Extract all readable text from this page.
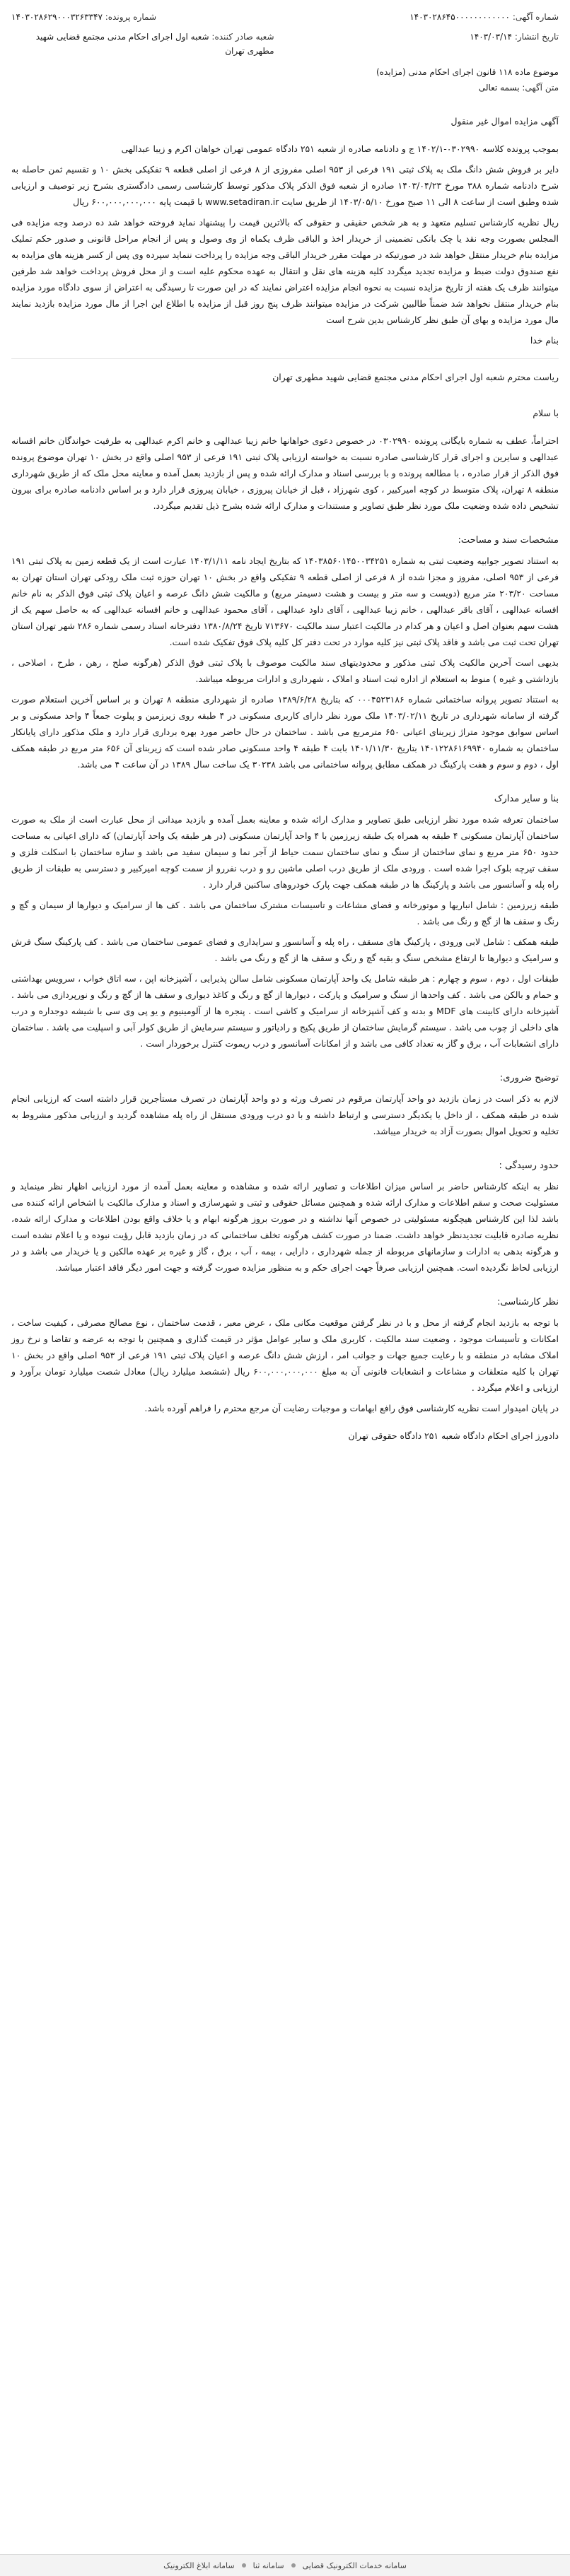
شماره آگهی: ۱۴۰۳۰۲۸۶۴۵۰۰۰۰۰۰۰۰۰۰۰۰
شماره پرونده: ۱۴۰۳۰۲۸۶۲۹۰۰۰۳۲۶۳۳۴۷
تاریخ انتشار: ۱۴۰۳/۰۳/۱۴
شعبه صادر کننده: شعبه اول اجرای احکام مدنی مجتمع قضایی شهید مطهری تهران
موضوع ماده ۱۱۸ قانون اجرای احکام مدنی (مزایده)
متن آگهی: بسمه تعالی

آگهی مزایده اموال غیر منقول

بموجب پرونده کلاسه ۰۳۰۲۹۹۰-۱۴۰۲/۱ ج و دادنامه صادره از شعبه ۲۵۱ دادگاه عمومی تهران خواهان اکرم و زیبا عبدالهی

دایر بر فروش شش دانگ ملک به پلاک ثبتی ۱۹۱ فرعی از ۹۵۳ اصلی مفروزی از ۸ فرعی از اصلی قطعه ۹ تفکیکی بخش ۱۰ و تقسیم ثمن حاصله به شرح دادنامه شماره ۳۸۸ مورخ ۱۴۰۳/۰۴/۲۳ صادره از شعبه فوق الذکر پلاک مذکور توسط کارشناسی رسمی دادگستری بشرح زیر توصیف و ارزیابی شده وطبق است از ساعت ۸ الی ۱۱ صبح مورخ ۱۴۰۳/۰۵/۱۰ از طریق سایت www.setadiran.ir با قیمت پایه ۶۰۰,۰۰۰,۰۰۰,۰۰۰ ریال

ریال نظریه کارشناس تسلیم متعهد و به هر شخص حقیقی و حقوقی که بالاترین قیمت را پیشنهاد نماید فروخته خواهد شد ده درصد وجه مزایده فی المجلس بصورت وجه نقد یا چک بانکی تضمینی از خریدار اخذ و الباقی ظرف یکماه از وی وصول و پس از انجام مراحل قانونی و صدور حکم تملیک مزایده بنام خریدار منتقل خواهد شد در صورتیکه در مهلت مقرر خریدار الباقی وجه مزایده را پرداخت ننماید سپرده وی پس از کسر هزینه های مزایده به نفع صندوق دولت ضبط و مزایده تجدید میگردد کلیه هزینه های نقل و انتقال به عهده محکوم علیه است و از محل فروش پرداخت خواهد شد طرفین میتوانند ظرف یک هفته از تاریخ مزایده نسبت به نحوه انجام مزایده اعتراض نمایند که در این صورت تا رسیدگی به اعتراض از سوی دادگاه مورد مزایده بنام خریدار منتقل نخواهد شد ضمناً طالبین شرکت در مزایده میتوانند ظرف پنج روز قبل از مزایده با اطلاع این اجرا از مال مورد مزایده بازدید نمایند مال مورد مزایده و بهای آن طبق نظر کارشناس بدین شرح است

بنام خدا

ریاست محترم شعبه اول اجرای احکام مدنی مجتمع قضایی شهید مطهری تهران

با سلام

احتراماً، عطف به شماره بایگانی پرونده ۰۳۰۲۹۹۰ در خصوص دعوی خواهانها خانم زیبا عبدالهی و خانم اکرم عبدالهی به طرفیت خواندگان خانم افسانه عبدالهی و سایرین و اجرای قرار کارشناسی صادره نسبت به خواسته ارزیابی پلاک ثبتی ۱۹۱ فرعی از ۹۵۳ اصلی واقع در بخش ۱۰ تهران موضوع پرونده فوق الذکر از قرار صادره ، با مطالعه پرونده و با بررسی اسناد و مدارک ارائه شده و پس از بازدید بعمل آمده و معاینه محل ملک که از طریق شهرداری منطقه ۸ تهران، پلاک متوسط در کوچه امیرکبیر ، کوی شهرزاد ، قبل از خیابان پیروزی ، خیابان پیروزی قرار دارد و بر اساس دادنامه صادره برای بیرون تشخیص داده شده وضعیت ملک مورد نظر طبق تصاویر و مستندات و مدارک ارائه شده بشرح ذیل تقدیم میگردد.

مشخصات سند و مساحت:

به استناد تصویر جوابیه وضعیت ثبتی به شماره ۱۴۰۳۸۵۶۰۱۴۵۰۰۳۴۲۵۱ که بتاریخ ایجاد نامه ۱۴۰۳/۱/۱۱ عبارت است از یک قطعه زمین به پلاک ثبتی ۱۹۱ فرعی از ۹۵۳ اصلی، مفروز و مجزا شده از ۸ فرعی از اصلی قطعه ۹ تفکیکی واقع در بخش ۱۰ تهران حوزه ثبت ملک رودکی تهران استان تهران به مساحت ۲۰۳/۲۰ متر مربع (دویست و سه متر و بیست و هشت دسیمتر مربع) و مالکیت شش دانگ عرصه و اعیان پلاک ثبتی فوق الذکر به نام خانم افسانه عبدالهی ، آقای باقر عبدالهی ، خانم زیبا عبدالهی ، آقای داود عبدالهی ، آقای محمود عبدالهی و خانم افسانه عبدالهی که به حاصل سهم یک از هشت سهم بعنوان اصل و اعیان و هر کدام در مالکیت اعتبار سند مالکیت ۷۱۳۶۷۰ تاریخ ۱۳۸۰/۸/۲۴ دفترخانه اسناد رسمی شماره ۲۸۶ شهر تهران استان تهران تحت ثبت می باشد و فاقد پلاک ثبتی نیز کلیه موارد در تحت دفتر کل کلیه پلاک فوق تفکیک شده است.

بدیهی است آخرین مالکیت پلاک ثبتی مذکور و محدودیتهای سند مالکیت موصوف با پلاک ثبتی فوق الذکر (هرگونه صلح ، رهن ، طرح ، اصلاحی ، بازداشتی و غیره ) منوط به استعلام از اداره ثبت اسناد و املاک ، شهرداری و ادارات مربوطه میباشد.

به استناد تصویر پروانه ساختمانی شماره ۰۰۰۴۵۲۳۱۸۶ که بتاریخ ۱۳۸۹/۶/۲۸ صادره از شهرداری منطقه ۸ تهران و بر اساس آخرین استعلام صورت گرفته از سامانه شهرداری در تاریخ ۱۴۰۳/۰۲/۱۱ ملک مورد نظر دارای کاربری مسکونی در ۴ طبقه روی زیرزمین و پیلوت جمعاً ۴ واحد مسکونی و بر اساس سوابق موجود متراژ زیربنای اعیانی ۶۵۰ مترمربع می باشد . ساختمان در حال حاضر مورد بهره برداری قرار دارد و ملک مذکور دارای پایانکار ساختمان به شماره ۱۴۰۱۲۲۸۶۱۶۹۹۴۰ بتاریخ ۱۴۰۱/۱۱/۳۰ بابت ۴ طبقه ۴ واحد مسکونی صادر شده است که زیربنای آن ۶۵۶ متر مربع در طبقه همکف اول ، دوم و سوم و هفت پارکینگ در همکف مطابق پروانه ساختمانی می باشد ۳۰۲۳۸ یک ساخت سال ۱۳۸۹ در آن ساعت ۴ می باشد.

بنا و سایر مدارک

ساختمان تعرفه شده مورد نظر ارزیابی طبق تصاویر و مدارک ارائه شده و معاینه بعمل آمده و بازدید میدانی از محل عبارت است از ملک به صورت ساختمان آپارتمان مسکونی ۴ طبقه به همراه یک طبقه زیرزمین با ۴ واحد آپارتمان مسکونی (در هر طبقه یک واحد آپارتمان) که دارای اعیانی به مساحت حدود ۶۵۰ متر مربع و نمای ساختمان از سنگ و نمای ساختمان سمت حیاط از آجر نما و سیمان سفید می باشد و سازه ساختمان با اسکلت فلزی و سقف تیرچه بلوک اجرا شده است . ورودی ملک از طریق درب اصلی ماشین رو و درب نفررو از سمت کوچه امیرکبیر و دسترسی به طبقات از طریق راه پله و آسانسور می باشد و پارکینگ ها در طبقه همکف جهت پارک خودروهای ساکنین قرار دارد .

طبقه زیرزمین : شامل انباریها و موتورخانه و فضای مشاعات و تاسیسات مشترک ساختمان می باشد . کف ها از سرامیک و دیوارها از سیمان و گچ و رنگ و سقف ها از گچ و رنگ می باشد .

طبقه همکف : شامل لابی ورودی ، پارکینگ های مسقف ، راه پله و آسانسور و سرایداری و فضای عمومی ساختمان می باشد . کف پارکینگ سنگ فرش و سرامیک و دیوارها تا ارتفاع مشخص سنگ و بقیه گچ و رنگ و سقف ها از گچ و رنگ می باشد .

طبقات اول ، دوم ، سوم و چهارم : هر طبقه شامل یک واحد آپارتمان مسکونی شامل سالن پذیرایی ، آشپزخانه اپن ، سه اتاق خواب ، سرویس بهداشتی و حمام و بالکن می باشد . کف واحدها از سنگ و سرامیک و پارکت ، دیوارها از گچ و رنگ و کاغذ دیواری و سقف ها از گچ و رنگ و نورپردازی می باشد . آشپزخانه دارای کابینت های MDF و بدنه و کف آشپزخانه از سرامیک و کاشی است . پنجره ها از آلومینیوم و یو پی وی سی با شیشه دوجداره و درب های داخلی از چوب می باشد . سیستم گرمایش ساختمان از طریق پکیج و رادیاتور و سیستم سرمایش از طریق کولر آبی و اسپلیت می باشد . ساختمان دارای انشعابات آب ، برق و گاز به تعداد کافی می باشد و از امکانات آسانسور و درب ریموت کنترل برخوردار است .

توضیح ضروری:

لازم به ذکر است در زمان بازدید دو واحد آپارتمان مرقوم در تصرف ورثه و دو واحد آپارتمان در تصرف مستأجرین قرار داشته است که ارزیابی انجام شده در طبقه همکف ، از داخل یا یکدیگر دسترسی و ارتباط داشته و با دو درب ورودی مستقل از راه پله مشاهده گردید و ارزیابی مذکور مشروط به تخلیه و تحویل اموال بصورت آزاد به خریدار میباشد.

حدود رسیدگی :

نظر به اینکه کارشناس حاضر بر اساس میزان اطلاعات و تصاویر ارائه شده و مشاهده و معاینه بعمل آمده از مورد ارزیابی اظهار نظر مینماید و مسئولیت صحت و سقم اطلاعات و مدارک ارائه شده و همچنین مسائل حقوقی و ثبتی و شهرسازی و اسناد و مدارک مالکیت با اشخاص ارائه کننده می باشد لذا این کارشناس هیچگونه مسئولیتی در خصوص آنها نداشته و در صورت بروز هرگونه ابهام و یا خلاف واقع بودن اطلاعات و مدارک ارائه شده، نظریه صادره قابلیت تجدیدنظر خواهد داشت. ضمنا در صورت کشف هرگونه تخلف ساختمانی که در زمان بازدید قابل رؤیت نبوده و یا اعلام نشده است و هرگونه بدهی به ادارات و سازمانهای مربوطه از جمله شهرداری ، دارایی ، بیمه ، آب ، برق ، گاز و غیره بر عهده مالکین و یا خریدار می باشد و در ارزیابی لحاظ نگردیده است. همچنین ارزیابی صرفاً جهت اجرای حکم و به منظور مزایده صورت گرفته و جهت امور دیگر فاقد اعتبار میباشد.

نظر کارشناسی:

با توجه به بازدید انجام گرفته از محل و با در نظر گرفتن موقعیت مکانی ملک ، عرض معبر ، قدمت ساختمان ، نوع مصالح مصرفی ، کیفیت ساخت ، امکانات و تأسیسات موجود ، وضعیت سند مالکیت ، کاربری ملک و سایر عوامل مؤثر در قیمت گذاری و همچنین با توجه به عرضه و تقاضا و نرخ روز املاک مشابه در منطقه و با رعایت جمیع جهات و جوانب امر ، ارزش شش دانگ عرصه و اعیان پلاک ثبتی ۱۹۱ فرعی از ۹۵۳ اصلی واقع در بخش ۱۰ تهران با کلیه متعلقات و مشاعات و انشعابات قانونی آن به مبلغ ۶۰۰,۰۰۰,۰۰۰,۰۰۰ ریال (ششصد میلیارد ریال) معادل شصت میلیارد تومان برآورد و ارزیابی و اعلام میگردد .

در پایان امیدوار است نظریه کارشناسی فوق رافع ابهامات و موجبات رضایت آن مرجع محترم را فراهم آورده باشد.

دادورز اجرای احکام دادگاه شعبه ۲۵۱ دادگاه حقوقی تهران

سامانه خدمات الکترونیک قضایی
سامانه ثنا
سامانه ابلاغ الکترونیک
